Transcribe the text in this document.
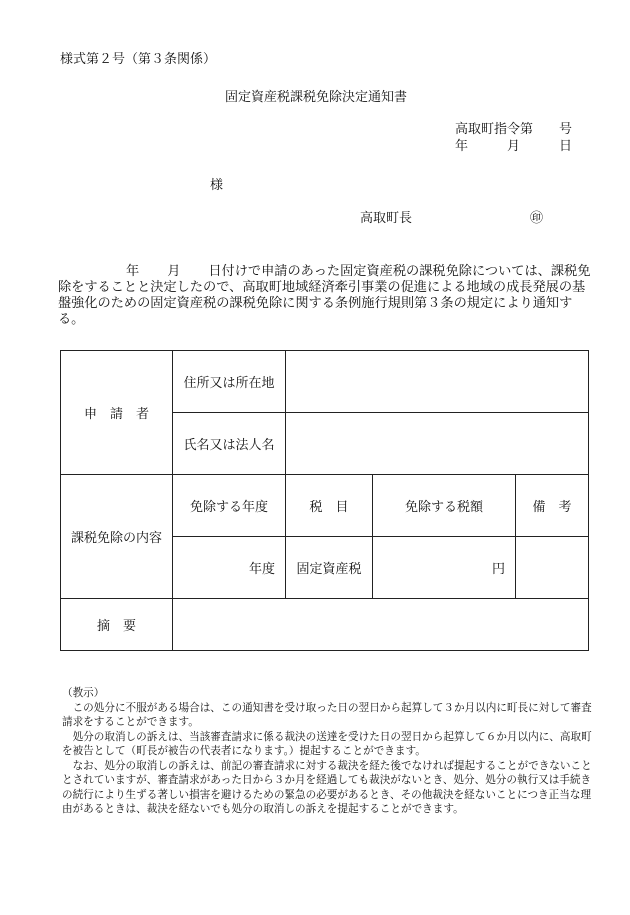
様式第２号（第３条関係）
固定資産税課税免除決定通知書
高取町指令第　　号
年　　　月　　　日
様
高取町長	㊞
年 月 日付けで申請のあった固定資産税の課税免除については、課税免除をすることと決定したので、高取町地域経済牽引事業の促進による地域の成長発展の基盤強化のための固定資産税の課税免除に関する条例施行規則第３条の規定により通知する。
申　請　者	住所又は所在地			
	氏名又は法人名			
課税免除の内容	免除する年度	税　目	免除する税額	備　考
	年度	固定資産税	円	
摘　要				

（教示）

この処分に不服がある場合は、この通知書を受け取った日の翌日から起算して３か月以内に町長に対して審査請求をすることができます。

処分の取消しの訴えは、当該審査請求に係る裁決の送達を受けた日の翌日から起算して６か月以内に、高取町を被告として（町長が被告の代表者になります。）提起することができます。

なお、処分の取消しの訴えは、前記の審査請求に対する裁決を経た後でなければ提起することができないこととされていますが、審査請求があった日から３か月を経過しても裁決がないとき、処分、処分の執行又は手続きの続行により生ずる著しい損害を避けるための緊急の必要があるとき、その他裁決を経ないことにつき正当な理由があるときは、裁決を経ないでも処分の取消しの訴えを提起することができます。
